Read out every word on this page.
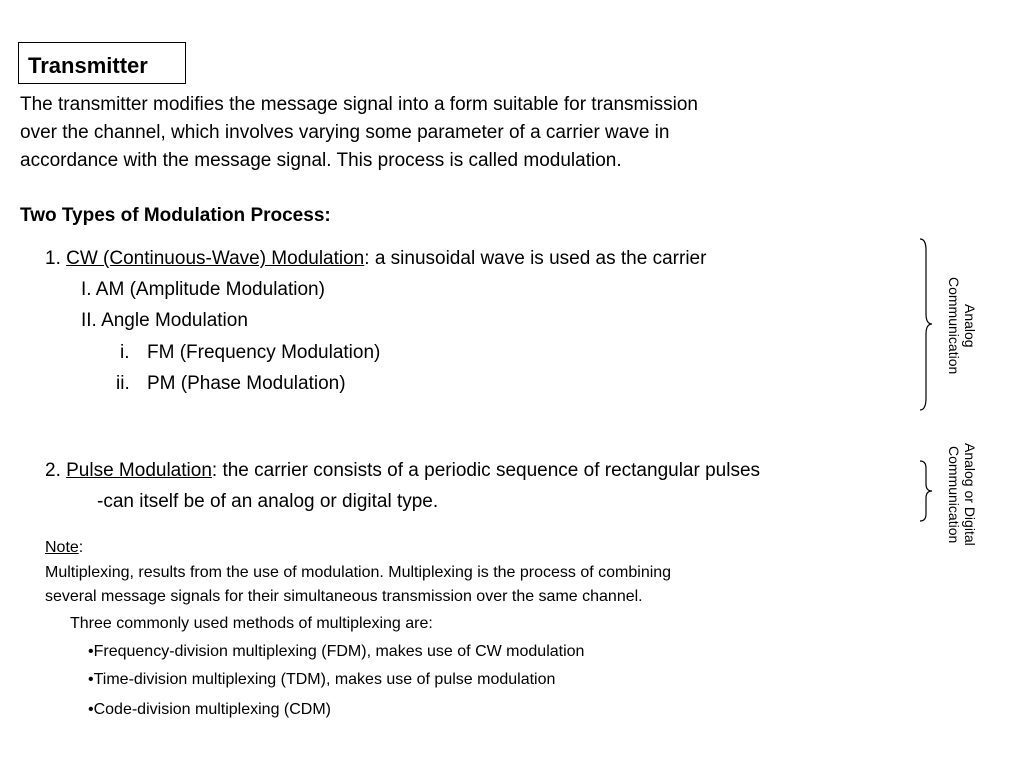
Transmitter
The transmitter modifies the message signal into a form suitable for transmission
over the channel, which involves varying some parameter of a carrier wave in
accordance with the message signal. This process is called modulation.
Two Types of Modulation Process:
1. CW (Continuous-Wave) Modulation: a sinusoidal wave is used as the carrier
I. AM (Amplitude Modulation)
II. Angle Modulation
i. FM (Frequency Modulation)
ii. PM (Phase Modulation)
2. Pulse Modulation: the carrier consists of a periodic sequence of rectangular pulses
-can itself be of an analog or digital type.
Analog
Communication
Analog or Digital
Communication
Note:
Multiplexing, results from the use of modulation. Multiplexing is the process of combining
several message signals for their simultaneous transmission over the same channel.
Three commonly used methods of multiplexing are:
•Frequency-division multiplexing (FDM), makes use of CW modulation
•Time-division multiplexing (TDM), makes use of pulse modulation
•Code-division multiplexing (CDM)
